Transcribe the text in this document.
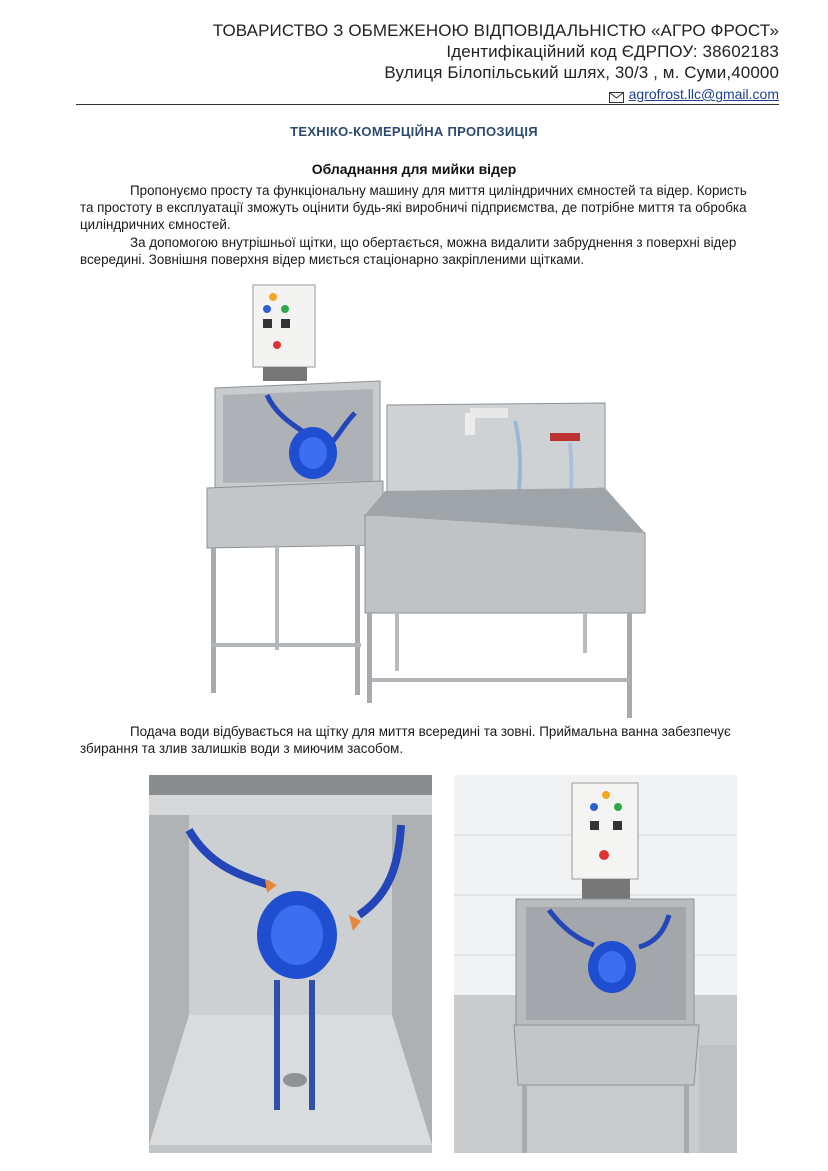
ТОВАРИСТВО З ОБМЕЖЕНОЮ ВІДПОВІДАЛЬНІСТЮ «АГРО ФРОСТ»
Ідентифікаційний код ЄДРПОУ: 38602183
Вулиця Білопільський шлях, 30/3 , м. Суми,40000
agrofrost.llc@gmail.com
ТЕХНІКО-КОМЕРЦІЙНА ПРОПОЗИЦІЯ
Обладнання для мийки відер

Пропонуємо просту та функціональну машину для миття циліндричних ємностей та відер. Користь та простоту в експлуатації зможуть оцінити будь-які виробничі підприємства, де потрібне миття та обробка циліндричних ємностей.

За допомогою внутрішньої щітки, що обертається, можна видалити забруднення з поверхні відер всередині. Зовнішня поверхня відер миється стаціонарно закріпленими щітками.

Подача води відбувається на щітку для миття всередині та зовні. Приймальна ванна забезпечує збирання та злив залишків води з миючим засобом.
